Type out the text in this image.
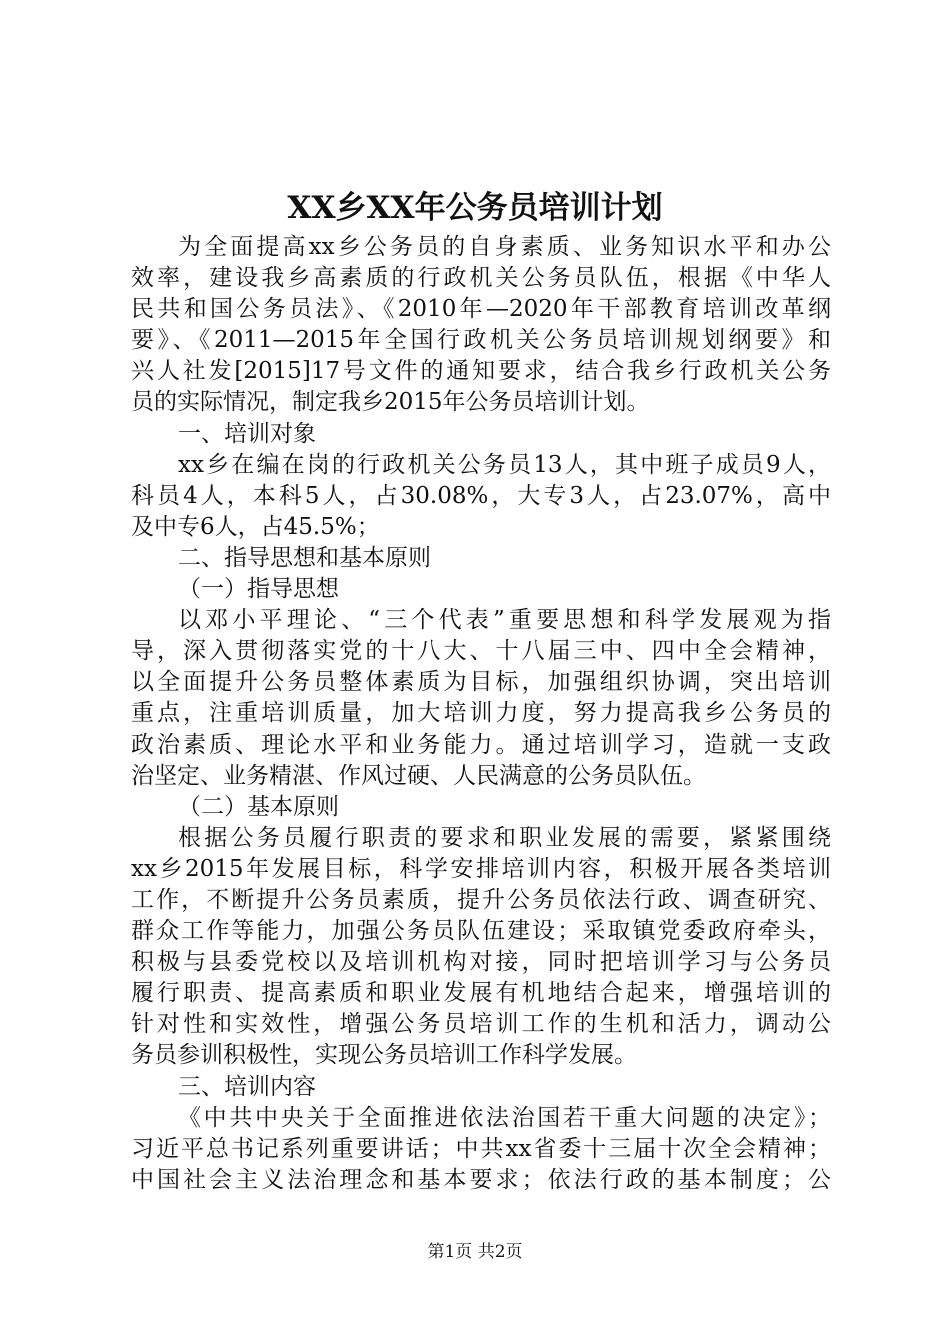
XX乡XX年公务员培训计划
为全面提高xx乡公务员的自身素质、业务知识水平和办公
效率，建设我乡高素质的行政机关公务员队伍，根据《中华人
民共和国公务员法》、《2010年—2020年干部教育培训改革纲
要》、《2011—2015年全国行政机关公务员培训规划纲要》和
兴人社发[2015]17号文件的通知要求，结合我乡行政机关公务
员的实际情况，制定我乡2015年公务员培训计划。
一、培训对象
xx乡在编在岗的行政机关公务员13人，其中班子成员9人，
科员4人，本科5人，占30.08%，大专3人，占23.07%，高中
及中专6人，占45.5%；
二、指导思想和基本原则
（一）指导思想
以邓小平理论、“三个代表”重要思想和科学发展观为指
导，深入贯彻落实党的十八大、十八届三中、四中全会精神，
以全面提升公务员整体素质为目标，加强组织协调，突出培训
重点，注重培训质量，加大培训力度，努力提高我乡公务员的
政治素质、理论水平和业务能力。通过培训学习，造就一支政
治坚定、业务精湛、作风过硬、人民满意的公务员队伍。
（二）基本原则
根据公务员履行职责的要求和职业发展的需要，紧紧围绕
xx乡2015年发展目标，科学安排培训内容，积极开展各类培训
工作，不断提升公务员素质，提升公务员依法行政、调查研究、
群众工作等能力，加强公务员队伍建设；采取镇党委政府牵头，
积极与县委党校以及培训机构对接，同时把培训学习与公务员
履行职责、提高素质和职业发展有机地结合起来，增强培训的
针对性和实效性，增强公务员培训工作的生机和活力，调动公
务员参训积极性，实现公务员培训工作科学发展。
三、培训内容
《中共中央关于全面推进依法治国若干重大问题的决定》；
习近平总书记系列重要讲话；中共xx省委十三届十次全会精神；
中国社会主义法治理念和基本要求；依法行政的基本制度；公
第1页 共2页
